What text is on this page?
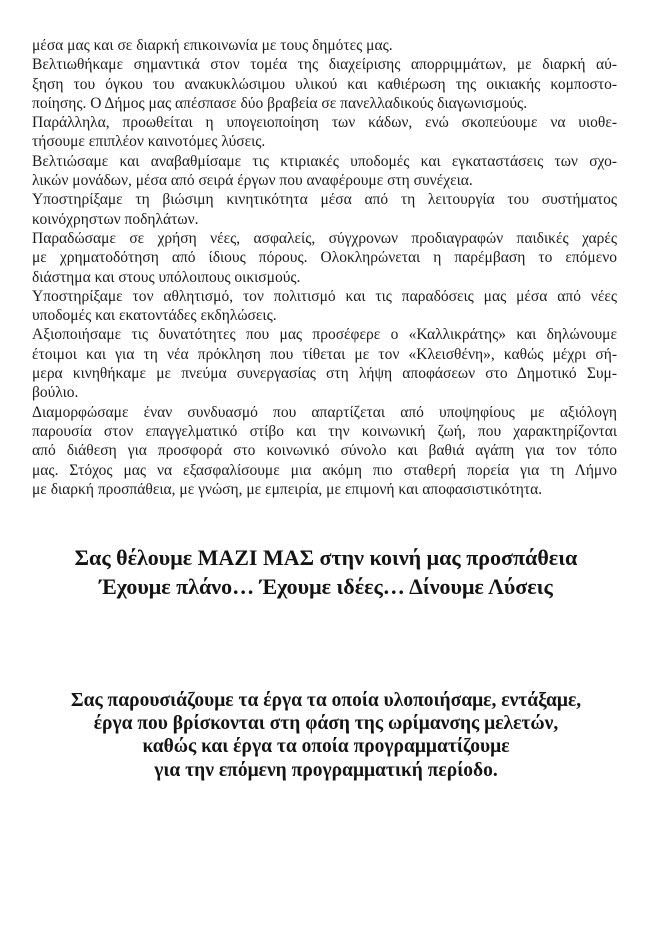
μέσα μας και σε διαρκή επικοινωνία με τους δημότες μας.
Βελτιωθήκαμε σημαντικά στον τομέα της διαχείρισης απορριμμάτων, με διαρκή αύ-
ξηση του όγκου του ανακυκλώσιμου υλικού και καθιέρωση της οικιακής κομποστο-
ποίησης. Ο Δήμος μας απέσπασε δύο βραβεία σε πανελλαδικούς διαγωνισμούς.
Παράλληλα, προωθείται η υπογειοποίηση των κάδων, ενώ σκοπεύουμε να υιοθε-
τήσουμε επιπλέον καινοτόμες λύσεις.
Βελτιώσαμε και αναβαθμίσαμε τις κτιριακές υποδομές και εγκαταστάσεις των σχο-
λικών μονάδων, μέσα από σειρά έργων που αναφέρουμε στη συνέχεια.
Υποστηρίξαμε τη βιώσιμη κινητικότητα μέσα από τη λειτουργία του συστήματος
κοινόχρηστων ποδηλάτων.
Παραδώσαμε σε χρήση νέες, ασφαλείς, σύγχρονων προδιαγραφών παιδικές χαρές
με χρηματοδότηση από ίδιους πόρους. Ολοκληρώνεται η παρέμβαση το επόμενο
διάστημα και στους υπόλοιπους οικισμούς.
Υποστηρίξαμε τον αθλητισμό, τον πολιτισμό και τις παραδόσεις μας μέσα από νέες
υποδομές και εκατοντάδες εκδηλώσεις.
Αξιοποιήσαμε τις δυνατότητες που μας προσέφερε ο «Καλλικράτης» και δηλώνουμε
έτοιμοι και για τη νέα πρόκληση που τίθεται με τον «Κλεισθένη», καθώς μέχρι σή-
μερα κινηθήκαμε με πνεύμα συνεργασίας στη λήψη αποφάσεων στο Δημοτικό Συμ-
βούλιο.
Διαμορφώσαμε έναν συνδυασμό που απαρτίζεται από υποψηφίους με αξιόλογη
παρουσία στον επαγγελματικό στίβο και την κοινωνική ζωή, που χαρακτηρίζονται
από διάθεση για προσφορά στο κοινωνικό σύνολο και βαθιά αγάπη για τον τόπο
μας. Στόχος μας να εξασφαλίσουμε μια ακόμη πιο σταθερή πορεία για τη Λήμνο
με διαρκή προσπάθεια, με γνώση, με εμπειρία, με επιμονή και αποφασιστικότητα.
Σας θέλουμε ΜΑΖΙ ΜΑΣ στην κοινή μας προσπάθεια
Έχουμε πλάνο… Έχουμε ιδέες… Δίνουμε Λύσεις
Σας παρουσιάζουμε τα έργα τα οποία υλοποιήσαμε, εντάξαμε,
έργα που βρίσκονται στη φάση της ωρίμανσης μελετών,
καθώς και έργα τα οποία προγραμματίζουμε
για την επόμενη προγραμματική περίοδο.
